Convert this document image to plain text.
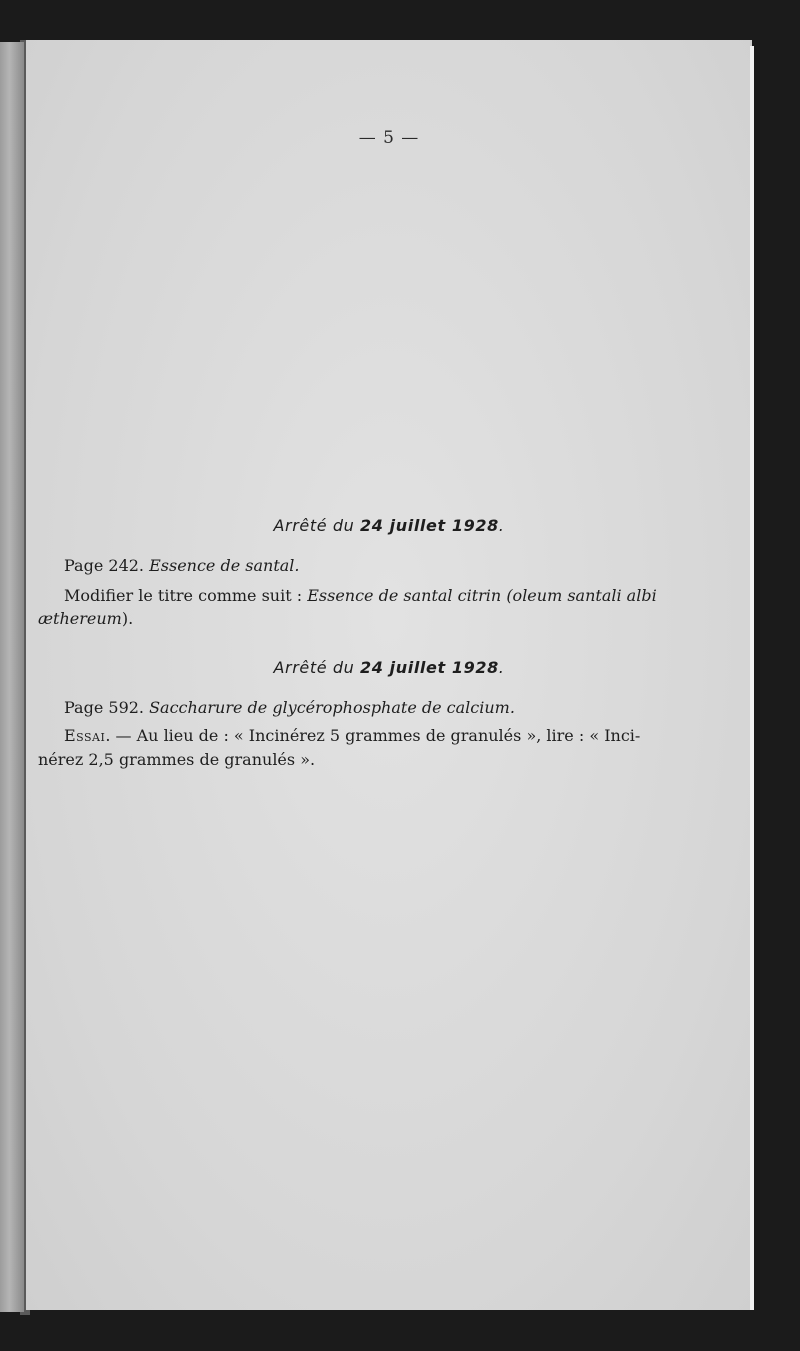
— 5 —
Arrêté du 24 juillet 1928.
Page 242. Essence de santal.
Modifier le titre comme suit : Essence de santal citrin (oleum santali albi
æthereum).
Arrêté du 24 juillet 1928.
Page 592. Saccharure de glycérophosphate de calcium.
Essai. — Au lieu de : « Incinérez 5 grammes de granulés », lire : « Inci-
nérez 2,5 grammes de granulés ».
